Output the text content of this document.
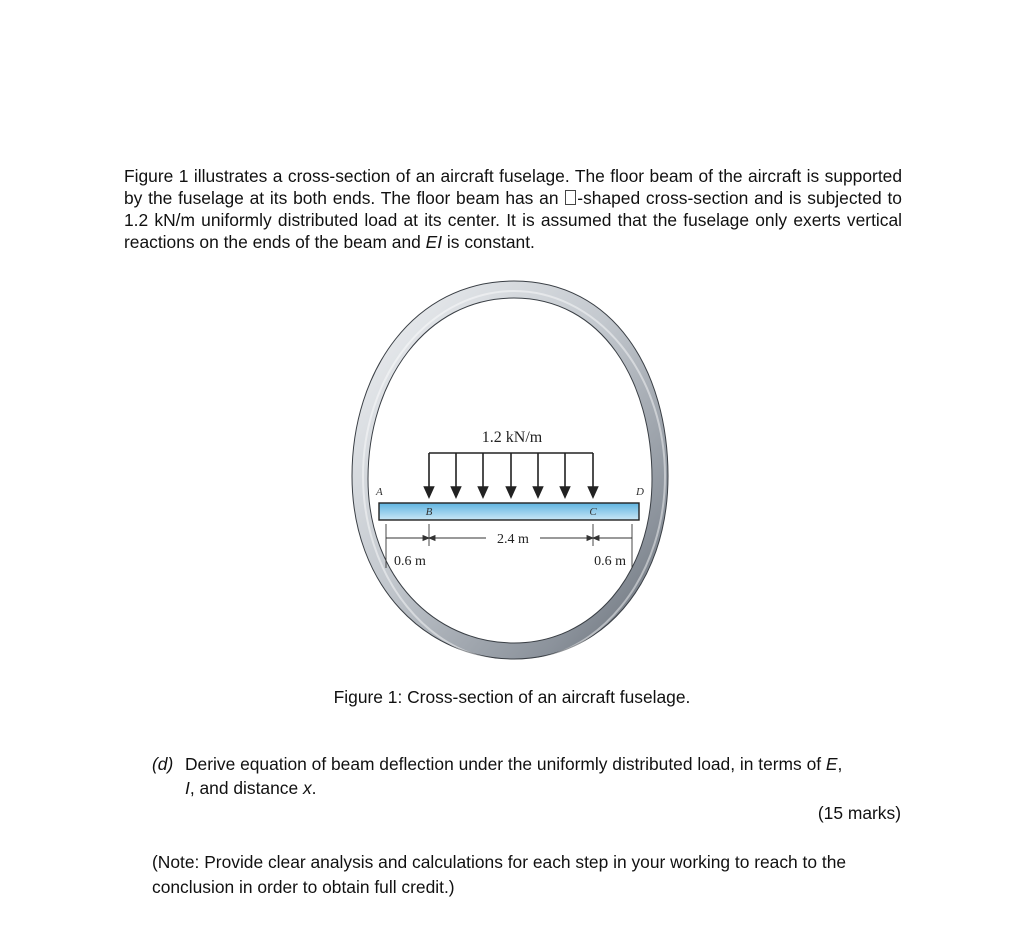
Figure 1 illustrates a cross-section of an aircraft fuselage. The floor beam of the aircraft is supported by the fuselage at its both ends. The floor beam has an -shaped cross-section and is subjected to 1.2 kN/m uniformly distributed load at its center. It is assumed that the fuselage only exerts vertical reactions on the ends of the beam and EI is constant.

1.2 kN/m
A
B	C
D
2.4 m
0.6 m	0.6 m

Figure 1: Cross-section of an aircraft fuselage.

(d) Derive equation of beam deflection under the uniformly distributed load, in terms of E,
I, and distance x.
(15 marks)
(Note: Provide clear analysis and calculations for each step in your working to reach to the conclusion in order to obtain full credit.)
